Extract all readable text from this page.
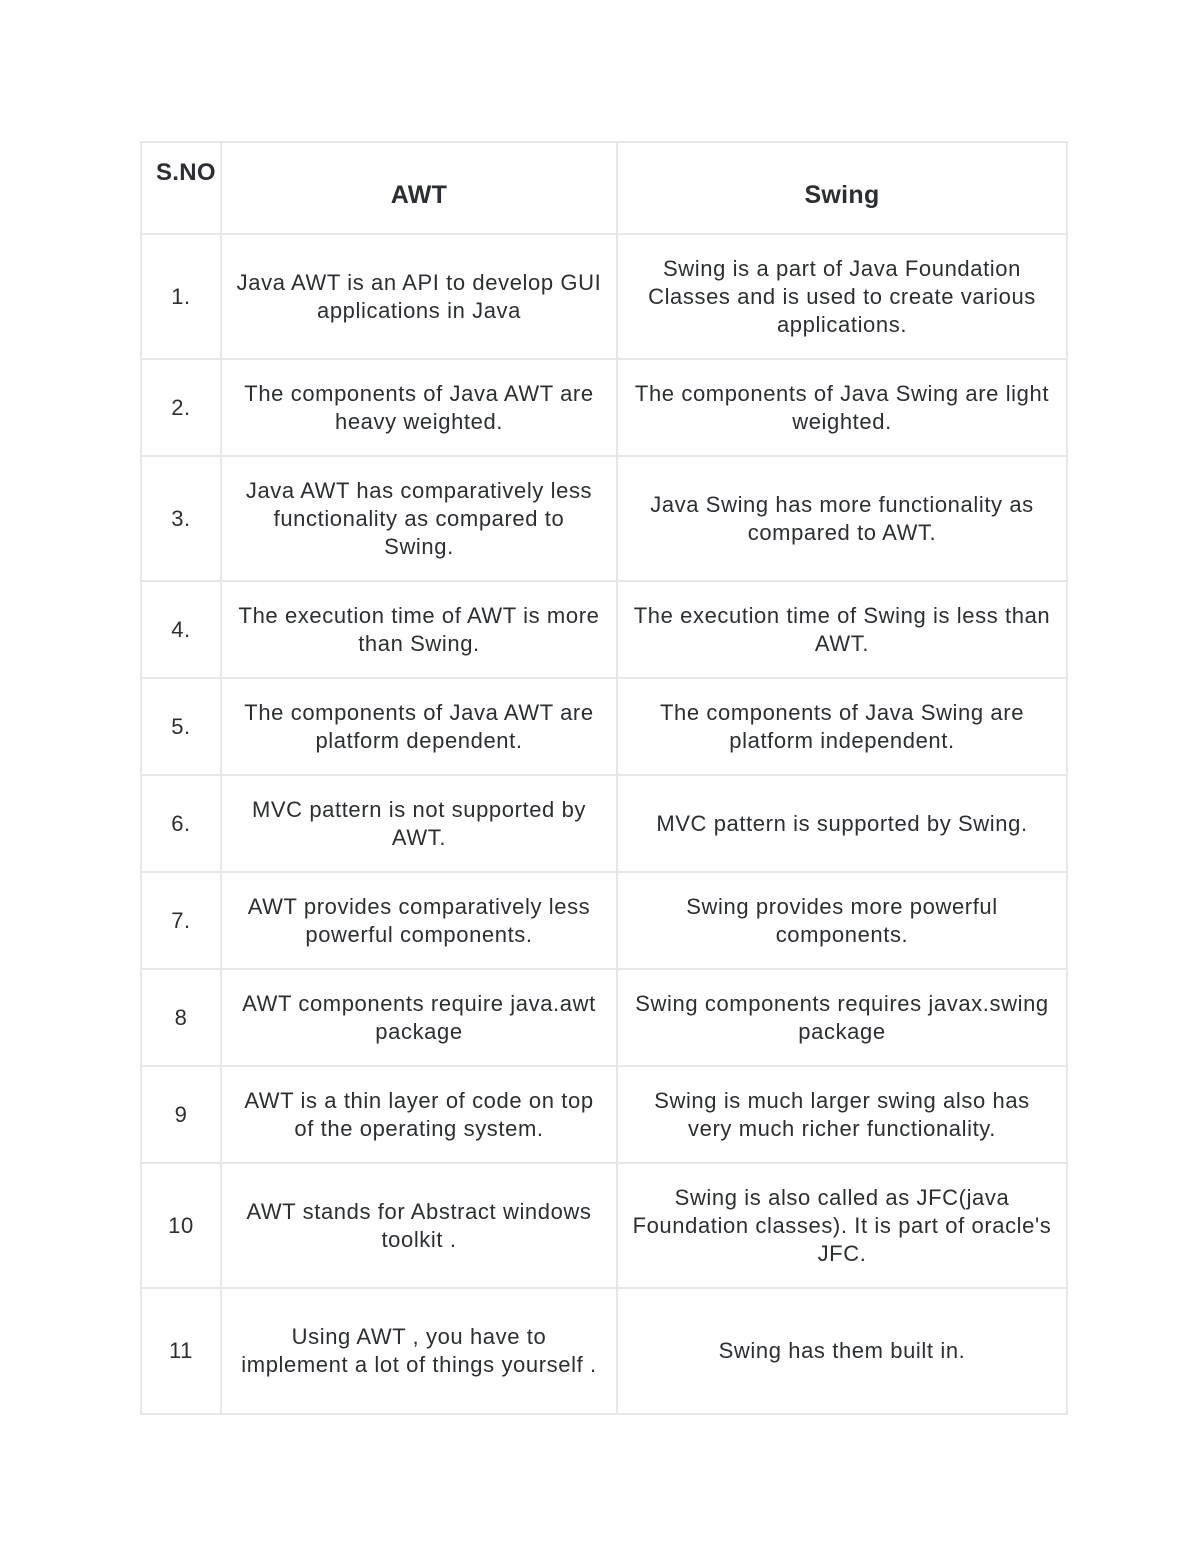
S.NO	AWT	Swing
1.	Java AWT is an API to develop GUI applications in Java	Swing is a part of Java Foundation Classes and is used to create various applications.
2.	The components of Java AWT are heavy weighted.	The components of Java Swing are light weighted.
3.	Java AWT has comparatively less functionality as compared to Swing.	Java Swing has more functionality as compared to AWT.
4.	The execution time of AWT is more than Swing.	The execution time of Swing is less than AWT.
5.	The components of Java AWT are platform dependent.	The components of Java Swing are platform independent.
6.	MVC pattern is not supported by AWT.	MVC pattern is supported by Swing.
7.	AWT provides comparatively less powerful components.	Swing provides more powerful components.
8	AWT components require java.awt package	Swing components requires javax.swing package
9	AWT is a thin layer of code on top of the operating system.	Swing is much larger swing also has very much richer functionality.
10	AWT stands for Abstract windows toolkit .	Swing is also called as JFC(java Foundation classes). It is part of oracle's JFC.
11	Using AWT , you have to implement a lot of things yourself .	Swing has them built in.
